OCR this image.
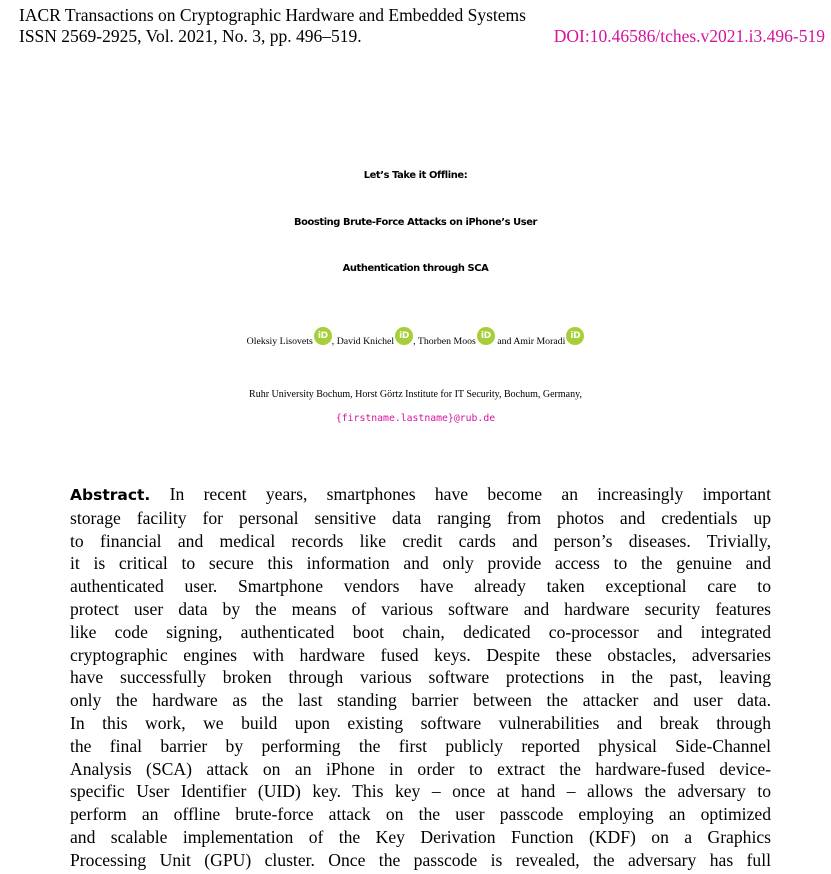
IACR Transactions on Cryptographic Hardware and Embedded Systems
ISSN 2569-2925, Vol. 2021, No. 3, pp. 496–519.	DOI:10.46586/tches.v2021.i3.496-519
Let’s Take it Offline:
Boosting Brute-Force Attacks on iPhone’s User
Authentication through SCA
Oleksiy Lisovets iD , David Knichel iD , Thorben Moos iD and Amir Moradi iD
Ruhr University Bochum, Horst Görtz Institute for IT Security, Bochum, Germany,
{firstname.lastname}@rub.de
Abstract. In recent years, smartphones have become an increasingly important
storage facility for personal sensitive data ranging from photos and credentials up
to financial and medical records like credit cards and person’s diseases. Trivially,
it is critical to secure this information and only provide access to the genuine and
authenticated user. Smartphone vendors have already taken exceptional care to
protect user data by the means of various software and hardware security features
like code signing, authenticated boot chain, dedicated co-processor and integrated
cryptographic engines with hardware fused keys. Despite these obstacles, adversaries
have successfully broken through various software protections in the past, leaving
only the hardware as the last standing barrier between the attacker and user data.
In this work, we build upon existing software vulnerabilities and break through
the final barrier by performing the first publicly reported physical Side-Channel
Analysis (SCA) attack on an iPhone in order to extract the hardware-fused device-
specific User Identifier (UID) key. This key – once at hand – allows the adversary to
perform an offline brute-force attack on the user passcode employing an optimized
and scalable implementation of the Key Derivation Function (KDF) on a Graphics
Processing Unit (GPU) cluster. Once the passcode is revealed, the adversary has full
